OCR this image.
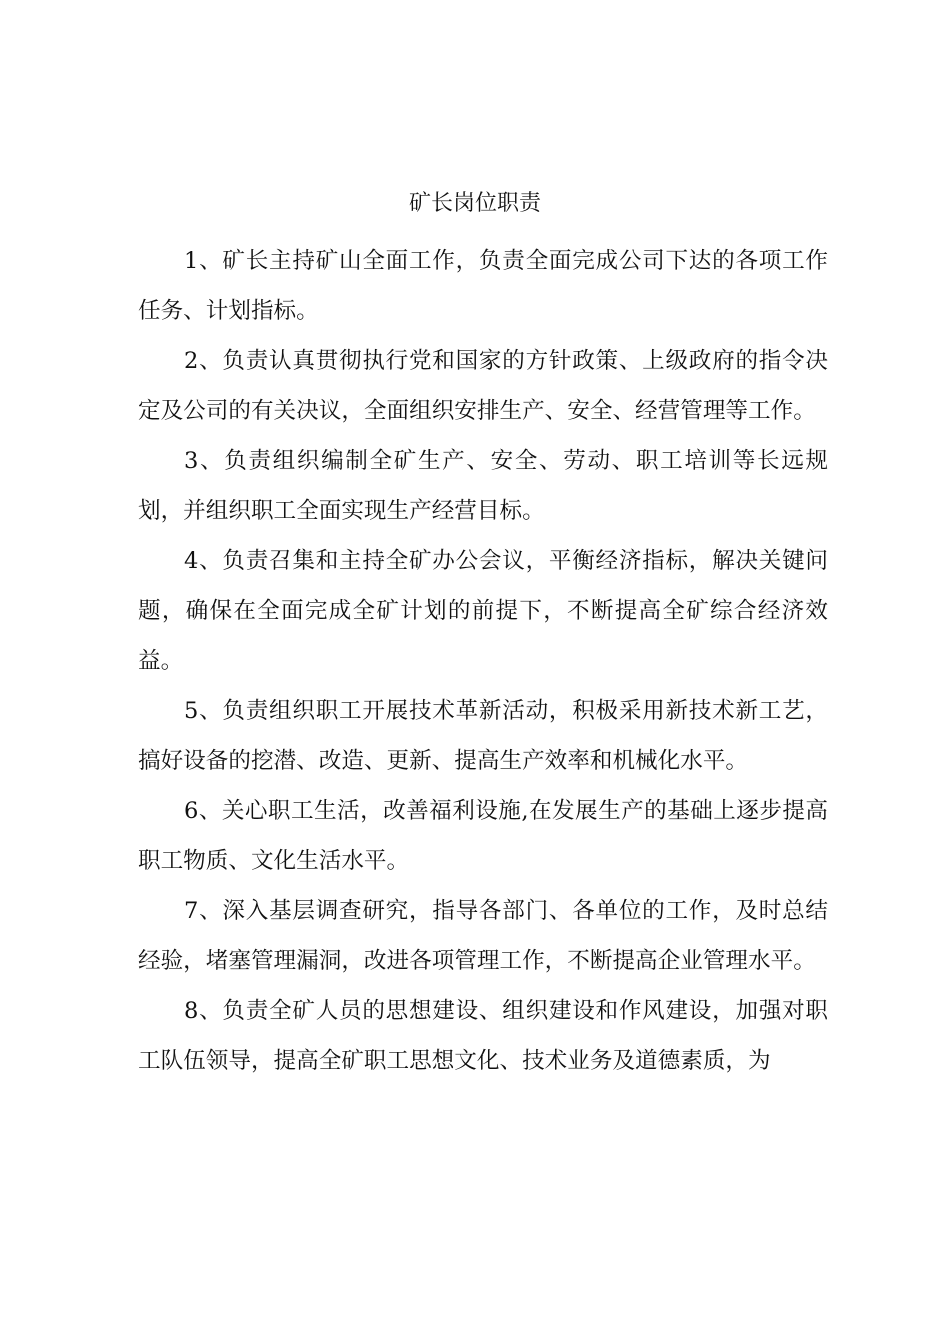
矿长岗位职责

1、矿长主持矿山全面工作，负责全面完成公司下达的各项工作任务、计划指标。

2、负责认真贯彻执行党和国家的方针政策、上级政府的指令决定及公司的有关决议，全面组织安排生产、安全、经营管理等工作。

3、负责组织编制全矿生产、安全、劳动、职工培训等长远规划，并组织职工全面实现生产经营目标。

4、负责召集和主持全矿办公会议，平衡经济指标，解决关键问题，确保在全面完成全矿计划的前提下，不断提高全矿综合经济效益。

5、负责组织职工开展技术革新活动，积极采用新技术新工艺，搞好设备的挖潜、改造、更新、提高生产效率和机械化水平。

6、关心职工生活，改善福利设施,在发展生产的基础上逐步提高职工物质、文化生活水平。

7、深入基层调查研究，指导各部门、各单位的工作，及时总结经验，堵塞管理漏洞，改进各项管理工作，不断提高企业管理水平。

8、负责全矿人员的思想建设、组织建设和作风建设，加强对职工队伍领导，提高全矿职工思想文化、技术业务及道德素质，为
